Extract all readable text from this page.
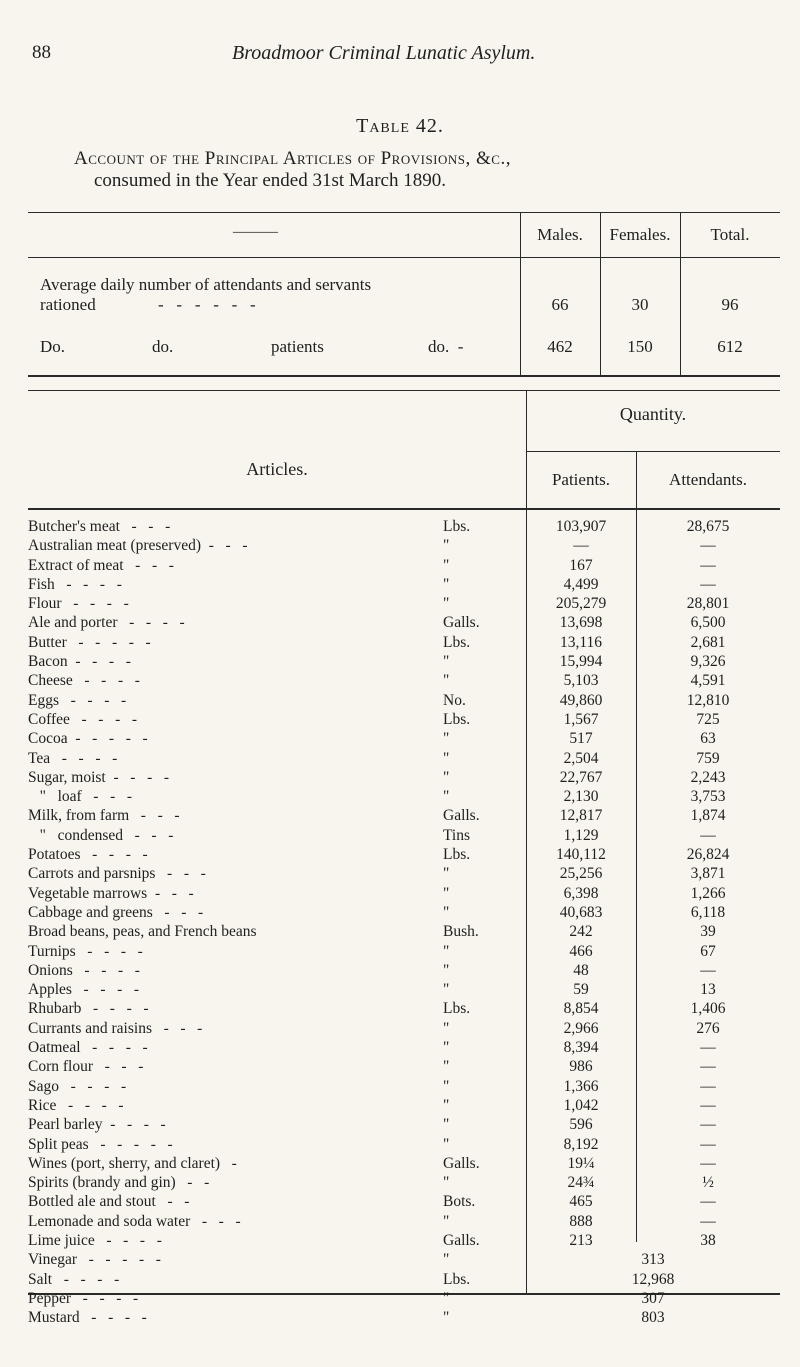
88	Broadmoor Criminal Lunatic Asylum.
Table 42.
Account of the Principal Articles of Provisions, &c.,
consumed in the Year ended 31st March 1890.
———	Males.	Females.	Total.
Average daily number of attendants and servants
rationed	-   -   -   -   -   -	66	30	96
Do.	do.	patients	do.  -	462	150	612
Articles.
Quantity.
Patients.	Attendants.
Butcher's meat   -   -   -	Lbs.	103,907	28,675
Australian meat (preserved)  -   -   -	"	—	—
Extract of meat   -   -   -	"	167	—
Fish   -   -   -   -	"	4,499	—
Flour   -   -   -   -	"	205,279	28,801
Ale and porter   -   -   -   -	Galls.	13,698	6,500
Butter   -   -   -   -   -	Lbs.	13,116	2,681
Bacon  -   -   -   -	"	15,994	9,326
Cheese   -   -   -   -	"	5,103	4,591
Eggs   -   -   -   -	No.	49,860	12,810
Coffee   -   -   -   -	Lbs.	1,567	725
Cocoa  -   -   -   -   -	"	517	63
Tea   -   -   -   -	"	2,504	759
Sugar, moist  -   -   -   -	"	22,767	2,243
"   loaf   -   -   -	"	2,130	3,753
Milk, from farm   -   -   -	Galls.	12,817	1,874
"   condensed   -   -   -	Tins	1,129	—
Potatoes   -   -   -   -	Lbs.	140,112	26,824
Carrots and parsnips   -   -   -	"	25,256	3,871
Vegetable marrows  -   -   -	"	6,398	1,266
Cabbage and greens   -   -   -	"	40,683	6,118
Broad beans, peas, and French beans	Bush.	242	39
Turnips   -   -   -   -	"	466	67
Onions   -   -   -   -	"	48	—
Apples   -   -   -   -	"	59	13
Rhubarb   -   -   -   -	Lbs.	8,854	1,406
Currants and raisins   -   -   -	"	2,966	276
Oatmeal   -   -   -   -	"	8,394	—
Corn flour   -   -   -	"	986	—
Sago   -   -   -   -	"	1,366	—
Rice   -   -   -   -	"	1,042	—
Pearl barley  -   -   -   -	"	596	—
Split peas   -   -   -   -   -	"	8,192	—
Wines (port, sherry, and claret)   -	Galls.	19¼	—
Spirits (brandy and gin)   -   -	"	24¾	½
Bottled ale and stout   -   -	Bots.	465	—
Lemonade and soda water   -   -   -	"	888	—
Lime juice   -   -   -   -	Galls.	213	38
Vinegar   -   -   -   -   -	"	313
Salt   -   -   -   -	Lbs.	12,968
Pepper   -   -   -   -	"	307
Mustard   -   -   -   -	"	803
